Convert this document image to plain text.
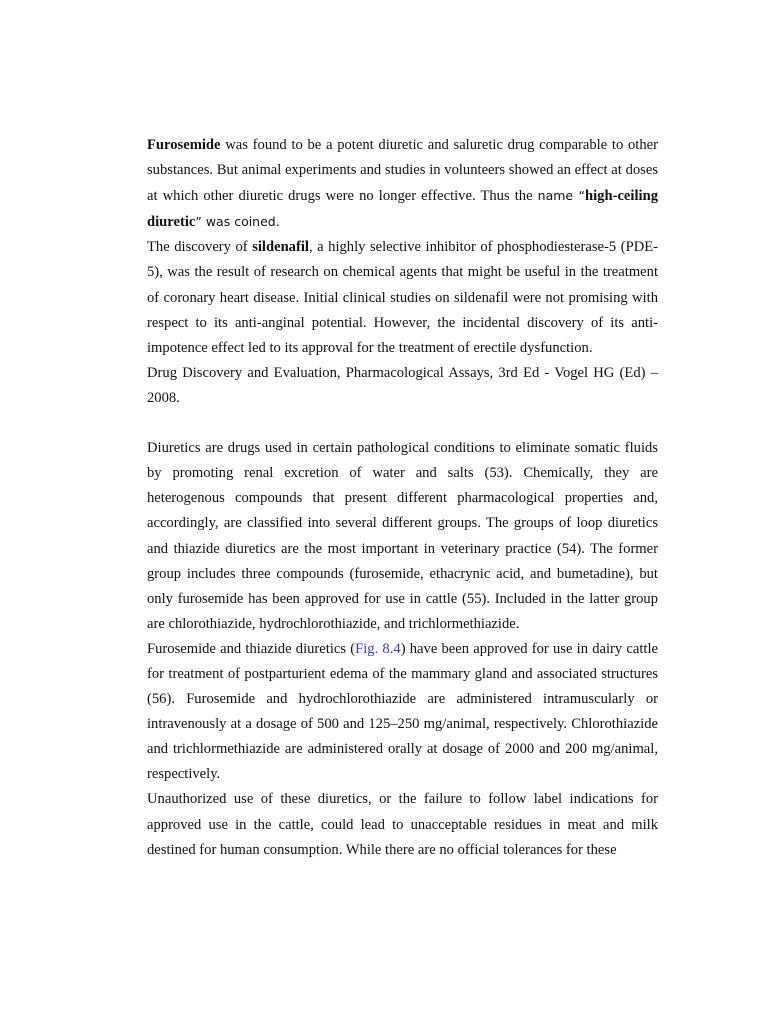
Furosemide was found to be a potent diuretic and saluretic drug comparable to other substances. But animal experiments and studies in volunteers showed an effect at doses at which other diuretic drugs were no longer effective. Thus the name “high-ceiling diuretic” was coined.

The discovery of sildenafil, a highly selective inhibitor of phosphodiesterase-5 (PDE-5), was the result of research on chemical agents that might be useful in the treatment of coronary heart disease. Initial clinical studies on sildenafil were not promising with respect to its anti-anginal potential. However, the incidental discovery of its anti-impotence effect led to its approval for the treatment of erectile dysfunction.

Drug Discovery and Evaluation, Pharmacological Assays, 3rd Ed - Vogel HG (Ed) – 2008.

Diuretics are drugs used in certain pathological conditions to eliminate somatic fluids by promoting renal excretion of water and salts (53). Chemically, they are heterogenous compounds that present different pharmacological properties and, accordingly, are classified into several different groups. The groups of loop diuretics and thiazide diuretics are the most important in veterinary practice (54). The former group includes three compounds (furosemide, ethacrynic acid, and bumetadine), but only furosemide has been approved for use in cattle (55). Included in the latter group are chlorothiazide, hydrochlorothiazide, and trichlormethiazide.

Furosemide and thiazide diuretics (Fig. 8.4) have been approved for use in dairy cattle for treatment of postparturient edema of the mammary gland and associated structures (56). Furosemide and hydrochlorothiazide are administered intramuscularly or intravenously at a dosage of 500 and 125–250 mg/animal, respectively. Chlorothiazide and trichlormethiazide are administered orally at dosage of 2000 and 200 mg/animal, respectively.

Unauthorized use of these diuretics, or the failure to follow label indications for approved use in the cattle, could lead to unacceptable residues in meat and milk destined for human consumption. While there are no official tolerances for these
